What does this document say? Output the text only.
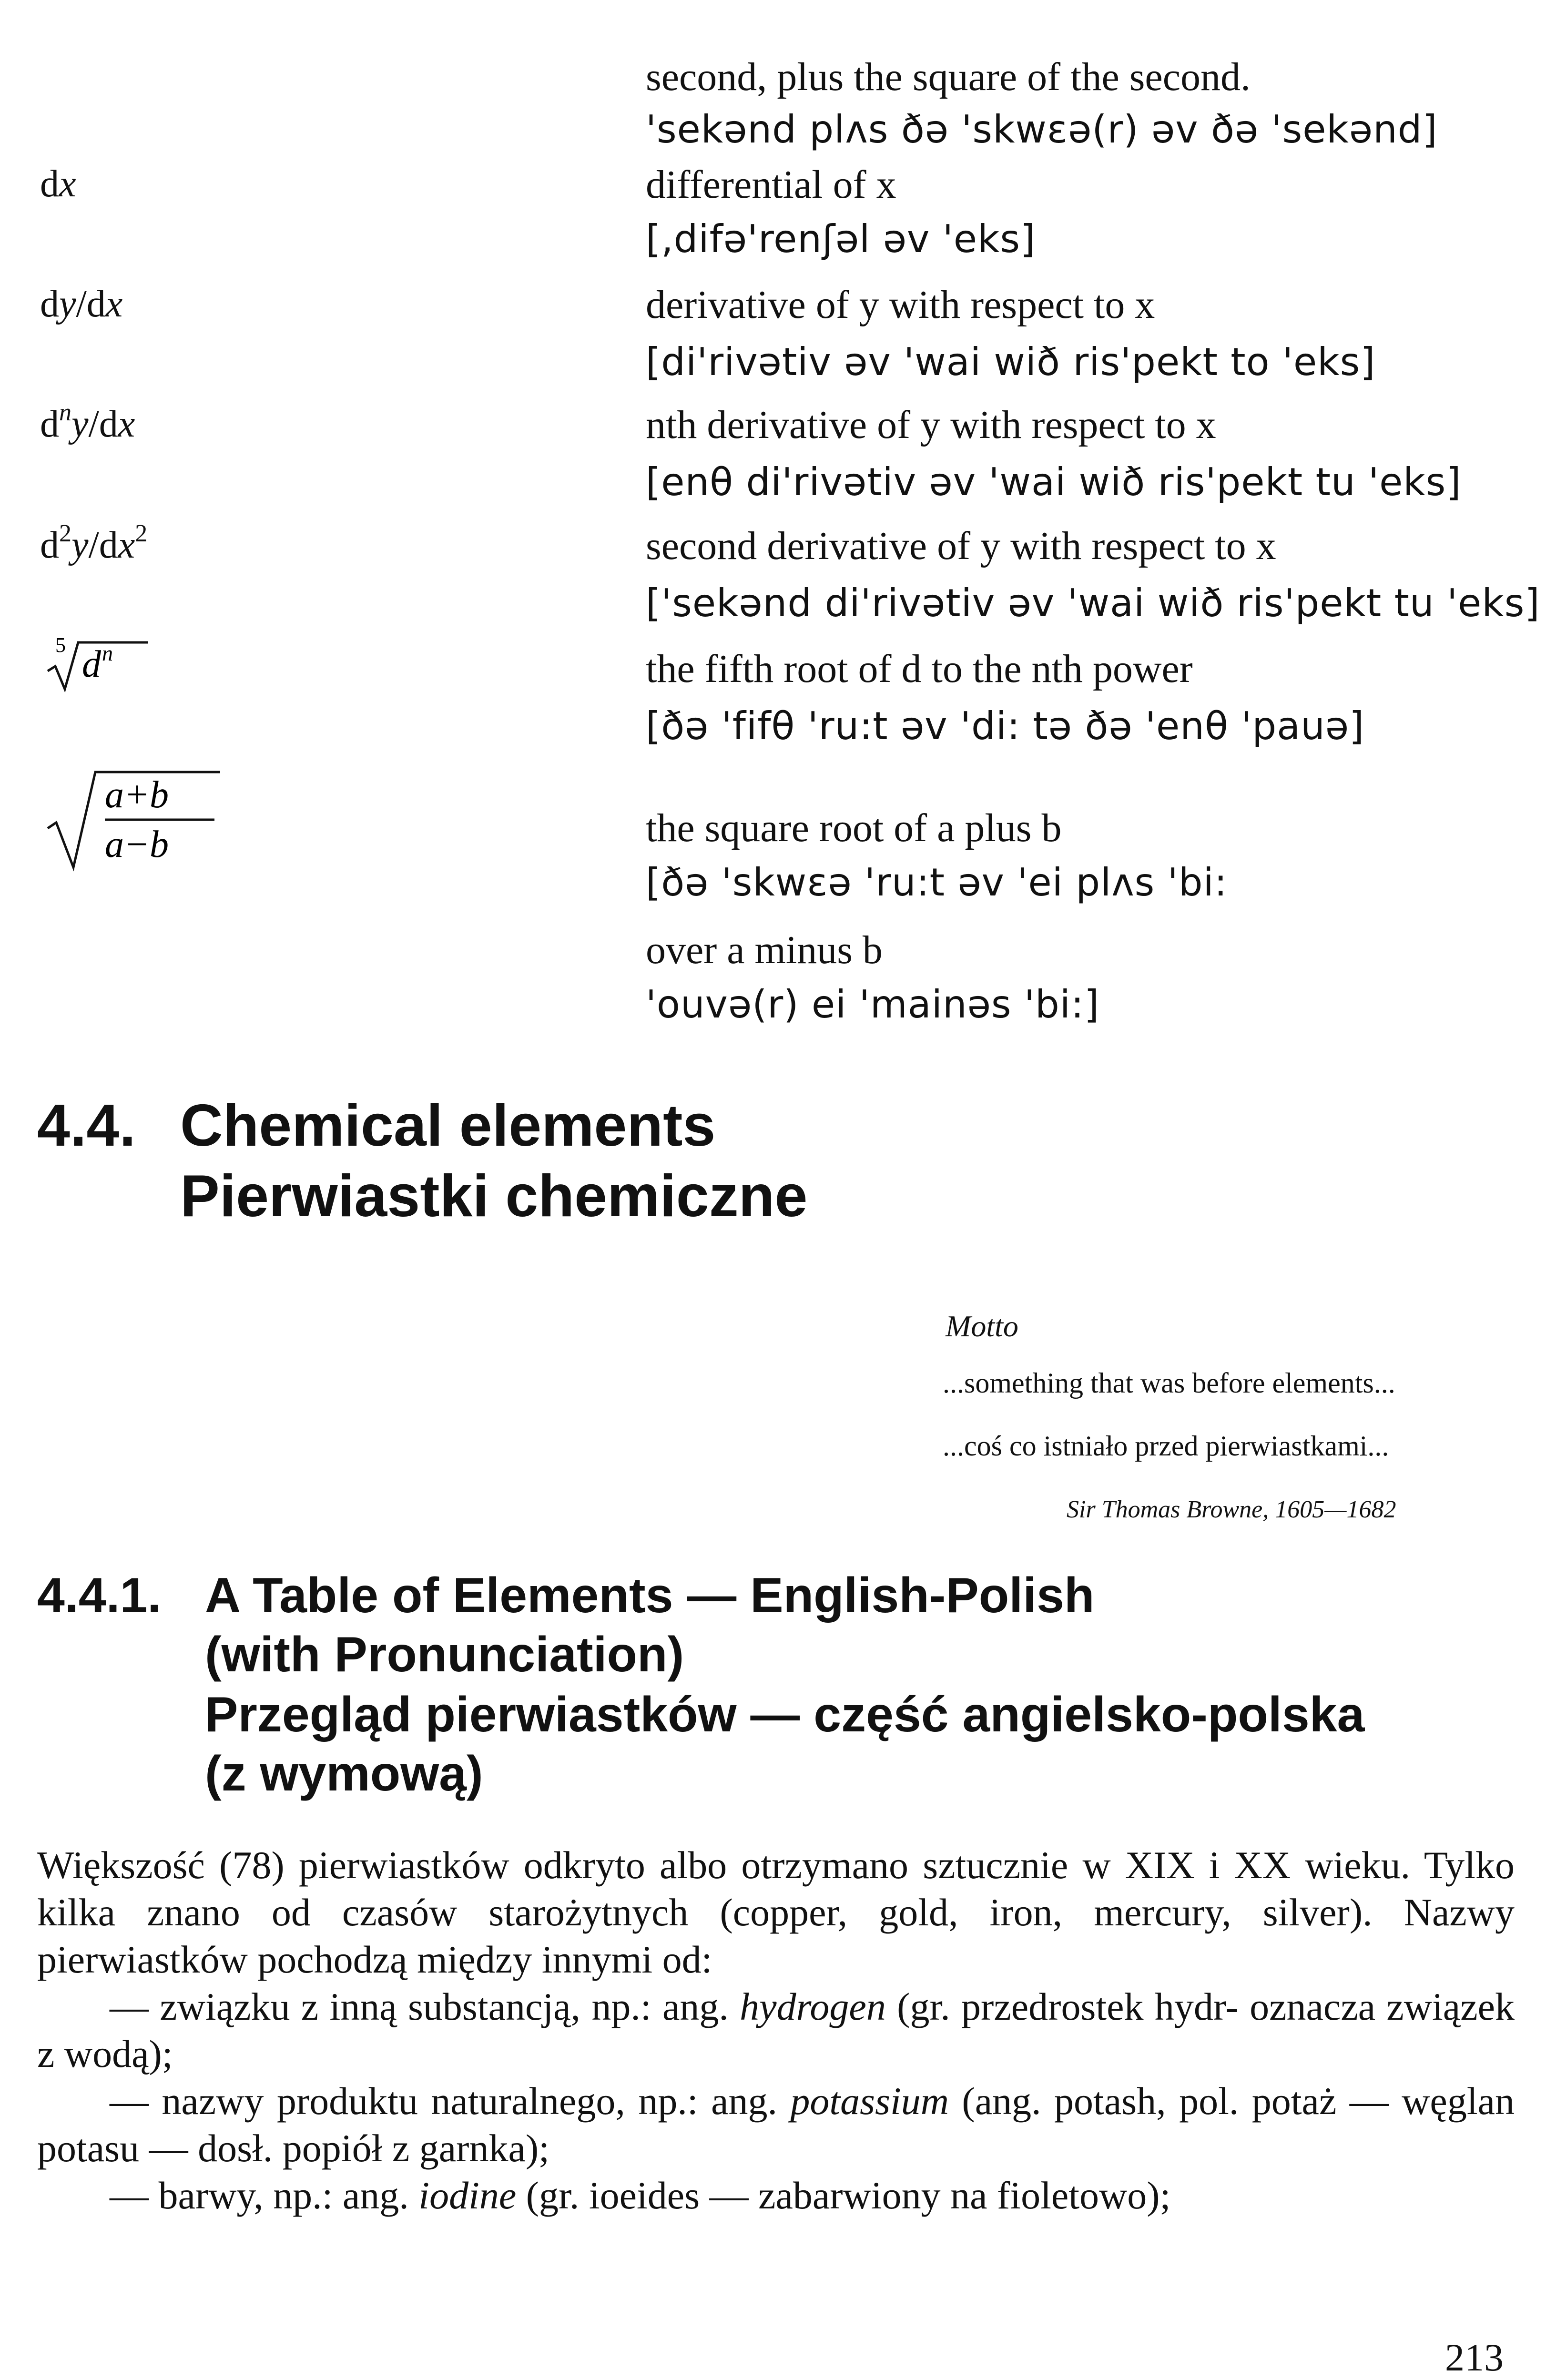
second, plus the square of the second.
'sekənd plʌs ðə 'skwεə(r) əv ðə 'sekənd]
dx	differential of x
[,difə'renʃəl əv 'eks]
dy/dx	derivative of y with respect to x
[di'rivətiv əv 'wai wið ris'pekt to 'eks]
$d^ny/dx$	nth derivative of y with respect to x
[enθ di'rivətiv əv 'wai wið ris'pekt tu 'eks]
$d^2y/dx^2$	second derivative of y with respect to x
['sekənd di'rivətiv əv 'wai wið ris'pekt tu 'eks]
5 d n	the fifth root of d to the nth power
[ðə 'fifθ 'ru:t əv 'di: tə ðə 'enθ 'pauə]
a+b
a−b	the square root of a plus b
[ðə 'skwεə 'ru:t əv 'ei plʌs 'bi:
over a minus b
'ouvə(r) ei 'mainəs 'bi:]
4.4. Chemical elements
Pierwiastki chemiczne
Motto
...something that was before elements...
...coś co istniało przed pierwiastkami...
Sir Thomas Browne, 1605—1682
4.4.1. A Table of Elements — English-Polish
(with Pronunciation)
Przegląd pierwiastków — część angielsko-polska
(z wymową)

Większość (78) pierwiastków odkryto albo otrzymano sztucznie w XIX i XX wieku. Tylko kilka znano od czasów starożytnych (copper, gold, iron, mercury, silver). Nazwy pierwiastków pochodzą między innymi od:

— związku z inną substancją, np.: ang. hydrogen (gr. przedrostek hydr- oznacza związek z wodą);

— nazwy produktu naturalnego, np.: ang. potassium (ang. potash, pol. potaż — węglan potasu — dosł. popiół z garnka);

— barwy, np.: ang. iodine (gr. ioeides — zabarwiony na fioletowo);

213
